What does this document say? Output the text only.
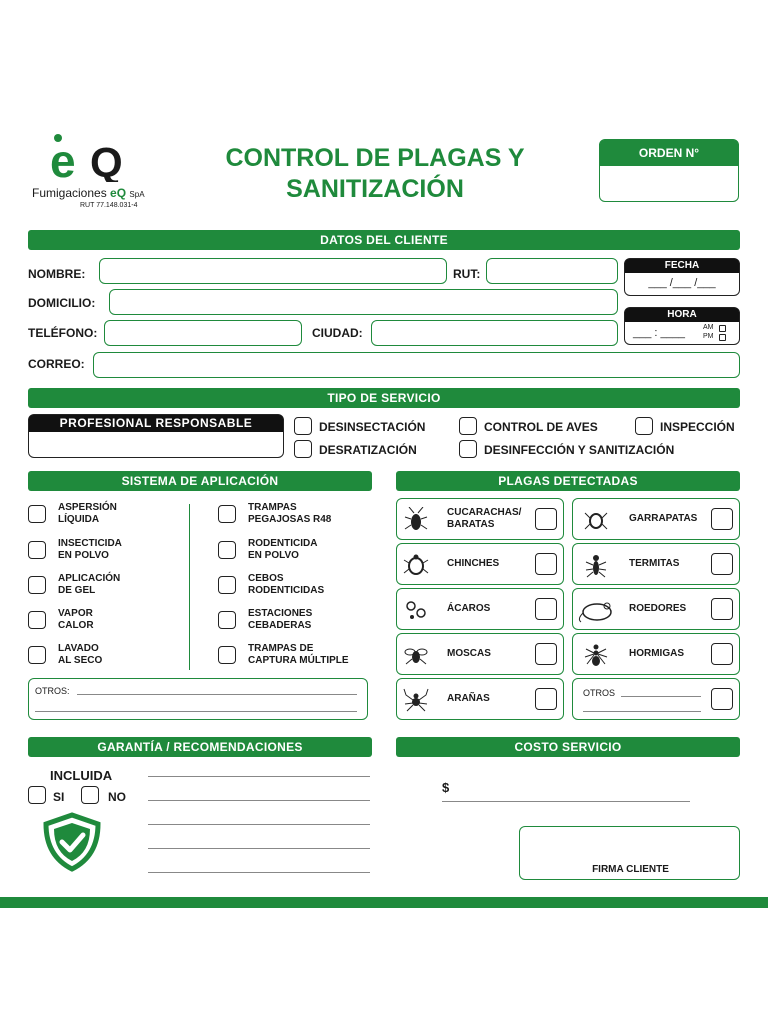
e Q
Fumigaciones eQ SpA
RUT 77.148.031-4
CONTROL DE PLAGAS Y
SANITIZACIÓN
ORDEN N°
DATOS DEL CLIENTE
NOMBRE:	RUT:
FECHA
___ /___ /___
DOMICILIO:
HORA
___ : ____	AM
PM
TELÉFONO:	CIUDAD:
CORREO:
TIPO DE SERVICIO
PROFESIONAL RESPONSABLE	DESINSECTACIÓN	CONTROL DE AVES	INSPECCIÓN
DESRATIZACIÓN	DESINFECCIÓN Y SANITIZACIÓN
SISTEMA DE APLICACIÓN
ASPERSIÓN
LÍQUIDA
INSECTICIDA
EN POLVO
APLICACIÓN
DE GEL
VAPOR
CALOR
LAVADO
AL SECO
TRAMPAS
PEGAJOSAS R48
RODENTICIDA
EN POLVO
CEBOS
RODENTICIDAS
ESTACIONES
CEBADERAS
TRAMPAS DE
CAPTURA MÚLTIPLE
OTROS:
PLAGAS DETECTADAS
CUCARACHAS/
BARATAS
CHINCHES
ÁCAROS
MOSCAS
ARAÑAS
GARRAPATAS
TERMITAS
ROEDORES
HORMIGAS
OTROS
GARANTÍA / RECOMENDACIONES
INCLUIDA
SI	NO
COSTO SERVICIO
$
FIRMA CLIENTE
